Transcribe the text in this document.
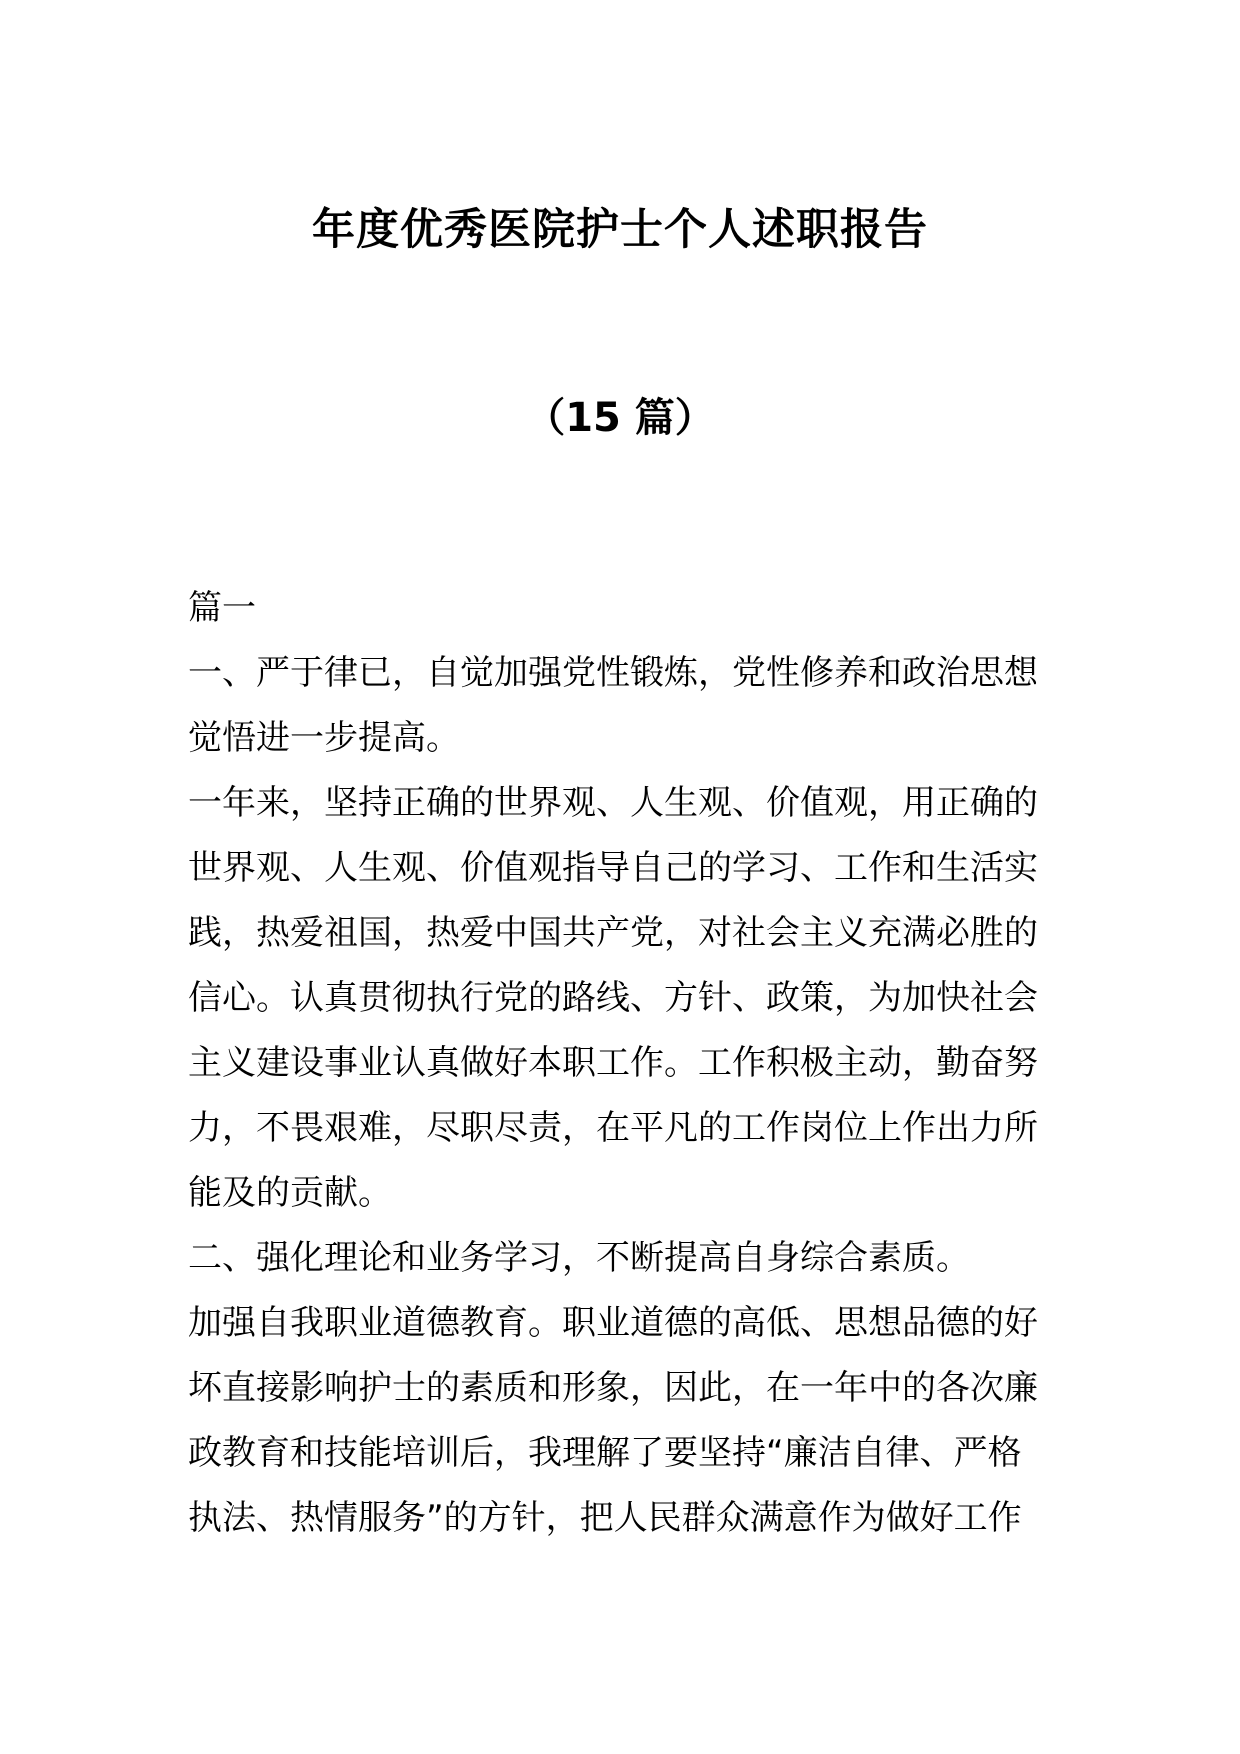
年度优秀医院护士个人述职报告
（15 篇）
篇一
一、严于律已，自觉加强党性锻炼，党性修养和政治思想
觉悟进一步提高。
一年来，坚持正确的世界观、人生观、价值观，用正确的
世界观、人生观、价值观指导自己的学习、工作和生活实
践，热爱祖国，热爱中国共产党，对社会主义充满必胜的
信心。认真贯彻执行党的路线、方针、政策，为加快社会
主义建设事业认真做好本职工作。工作积极主动，勤奋努
力，不畏艰难，尽职尽责，在平凡的工作岗位上作出力所
能及的贡献。
二、强化理论和业务学习，不断提高自身综合素质。
加强自我职业道德教育。职业道德的高低、思想品德的好
坏直接影响护士的素质和形象，因此，在一年中的各次廉
政教育和技能培训后，我理解了要坚持“廉洁自律、严格
执法、热情服务”的方针，把人民群众满意作为做好工作
